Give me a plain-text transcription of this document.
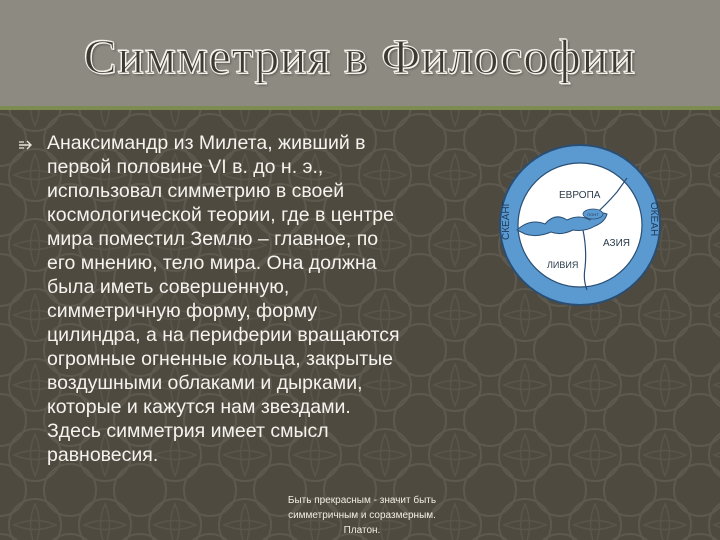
Симметрия в Философии
Анаксимандр из Милета, живший в
первой половине VI в. до н. э.,
использовал симметрию в своей
космологической теории, где в центре
мира поместил Землю – главное, по
его мнению, тело мира. Она должна
была иметь совершенную,
симметричную форму, форму
цилиндра, а на периферии вращаются
огромные огненные кольца, закрытые
воздушными облаками и дырками,
которые и кажутся нам звездами.
Здесь симметрия имеет смысл
равновесия.
ПОНТ
ЕВРОПА
АЗИЯ
ЛИВИЯ
СКЕАНГ	ОКЕАН
Быть прекрасным - значит быть
симметричным и соразмерным.
Платон.
